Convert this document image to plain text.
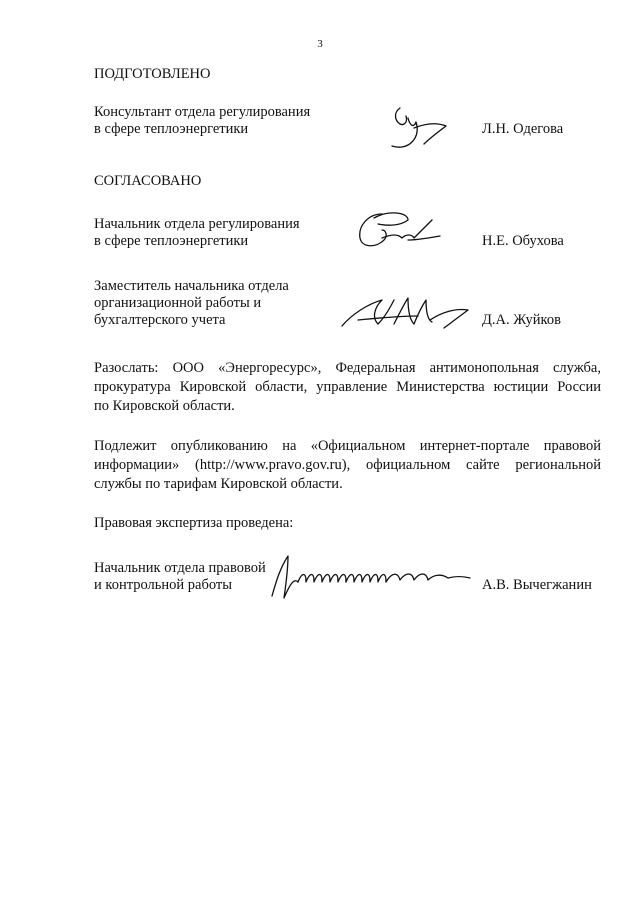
3
ПОДГОТОВЛЕНО
Консультант отдела регулирования
в сфере теплоэнергетики	Л.Н. Одегова
СОГЛАСОВАНО
Начальник отдела регулирования
в сфере теплоэнергетики	Н.Е. Обухова
Заместитель начальника отдела
организационной работы и
бухгалтерского учета	Д.А. Жуйков
Разослать: ООО «Энергоресурс», Федеральная антимонопольная служба,
прокуратура Кировской области, управление Министерства юстиции России
по Кировской области.
Подлежит опубликованию на «Официальном интернет-портале правовой
информации» (http://www.pravo.gov.ru), официальном сайте региональной
службы по тарифам Кировской области.
Правовая экспертиза проведена:
Начальник отдела правовой
и контрольной работы	А.В. Вычегжанин
